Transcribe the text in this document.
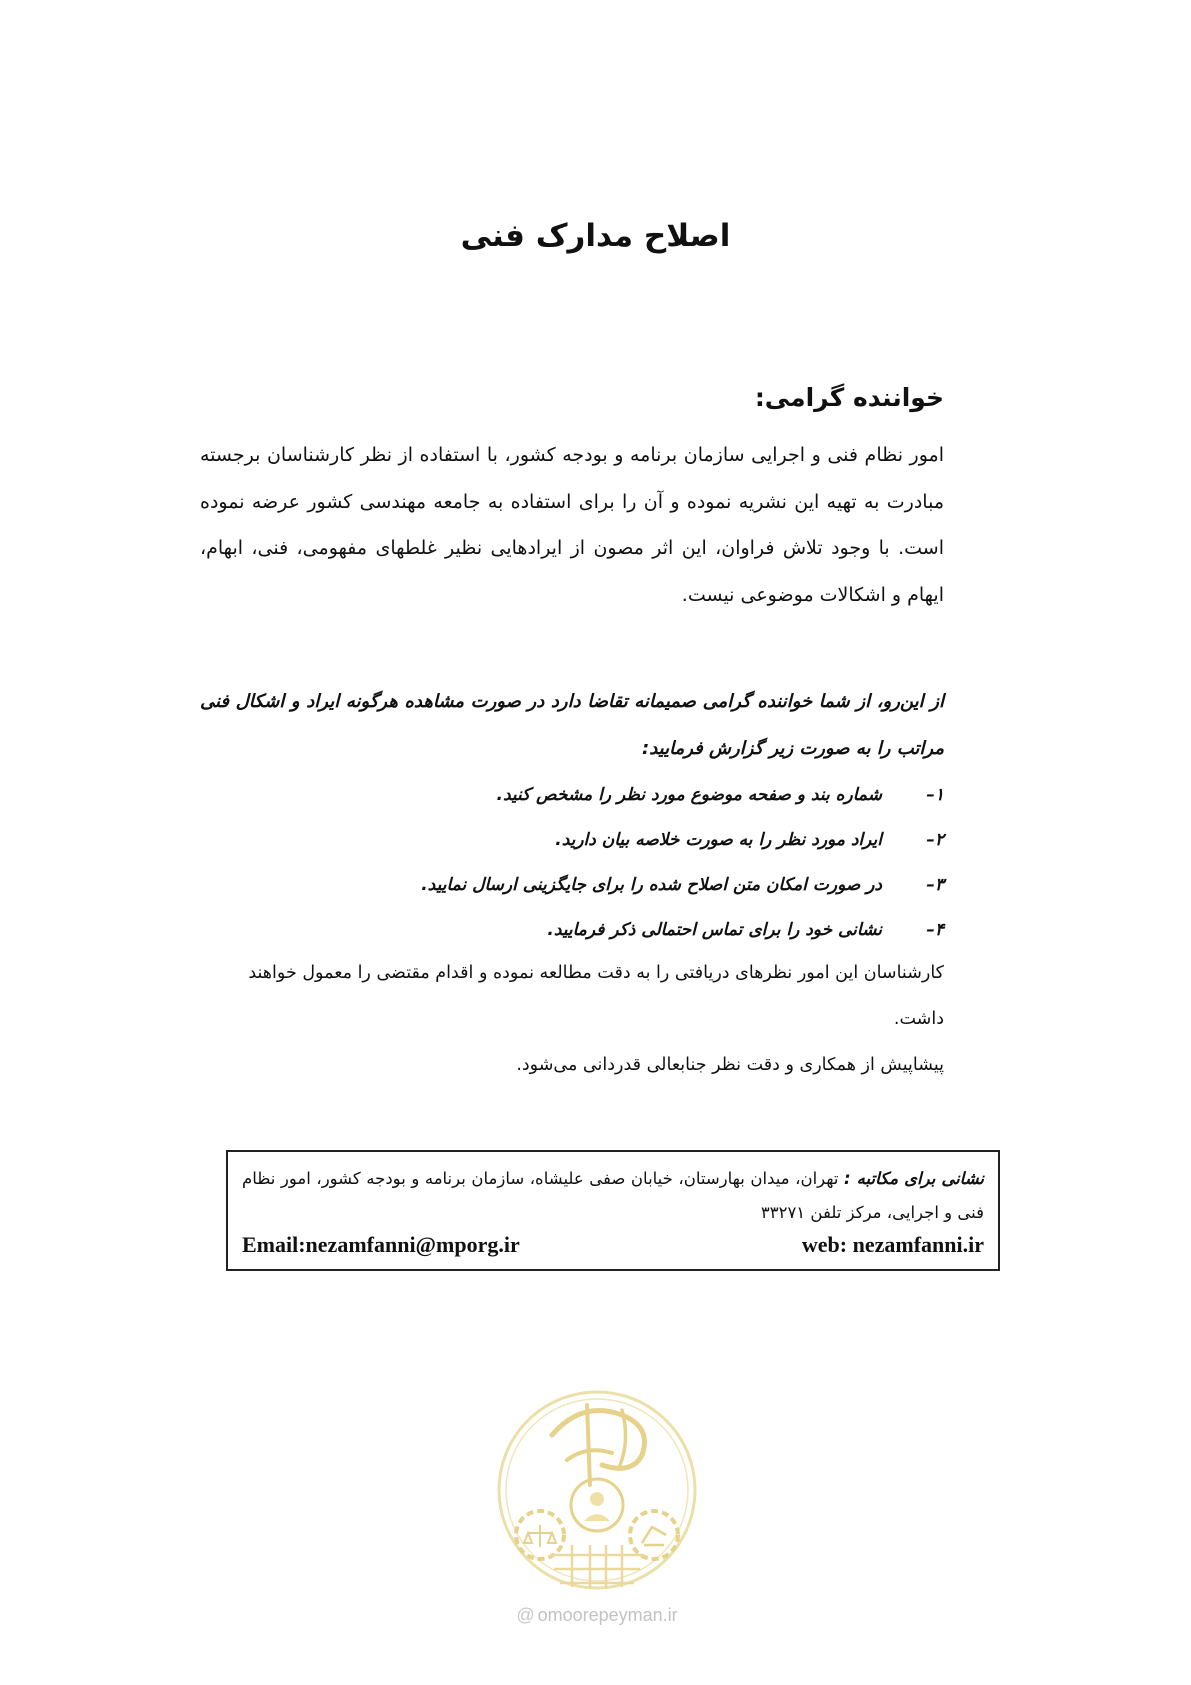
اصلاح مدارک فنی
خواننده گرامی:
امور نظام فنی و اجرایی سازمان برنامه و بودجه کشور، با استفاده از نظر کارشناسان برجسته مبادرت به تهیه این نشریه نموده و آن را برای استفاده به جامعه مهندسی کشور عرضه نموده است. با وجود تلاش فراوان، این اثر مصون از ایرادهایی نظیر غلطهای مفهومی، فنی، ابهام، ایهام و اشکالات موضوعی نیست.
از این‌رو، از شما خواننده گرامی صمیمانه تقاضا دارد در صورت مشاهده هرگونه ایراد و اشکال فنی مراتب را به صورت زیر گزارش فرمایید:
۱–
شماره بند و صفحه موضوع مورد نظر را مشخص کنید.
۲–
ایراد مورد نظر را به صورت خلاصه بیان دارید.
۳–
در صورت امکان متن اصلاح شده را برای جایگزینی ارسال نمایید.
۴–
نشانی خود را برای تماس احتمالی ذکر فرمایید.
کارشناسان این امور نظرهای دریافتی را به دقت مطالعه نموده و اقدام مقتضی را معمول خواهند داشت.
پیشاپیش از همکاری و دقت نظر جنابعالی قدردانی می‌شود.
نشانی برای مکاتبه : تهران، میدان بهارستان، خیابان صفی علیشاه، سازمان برنامه و بودجه کشور، امور نظام فنی و اجرایی، مرکز تلفن ۳۳۲۷۱
Email:nezamfanni@mporg.ir	web: nezamfanni.ir
@ omoorepeyman.ir
